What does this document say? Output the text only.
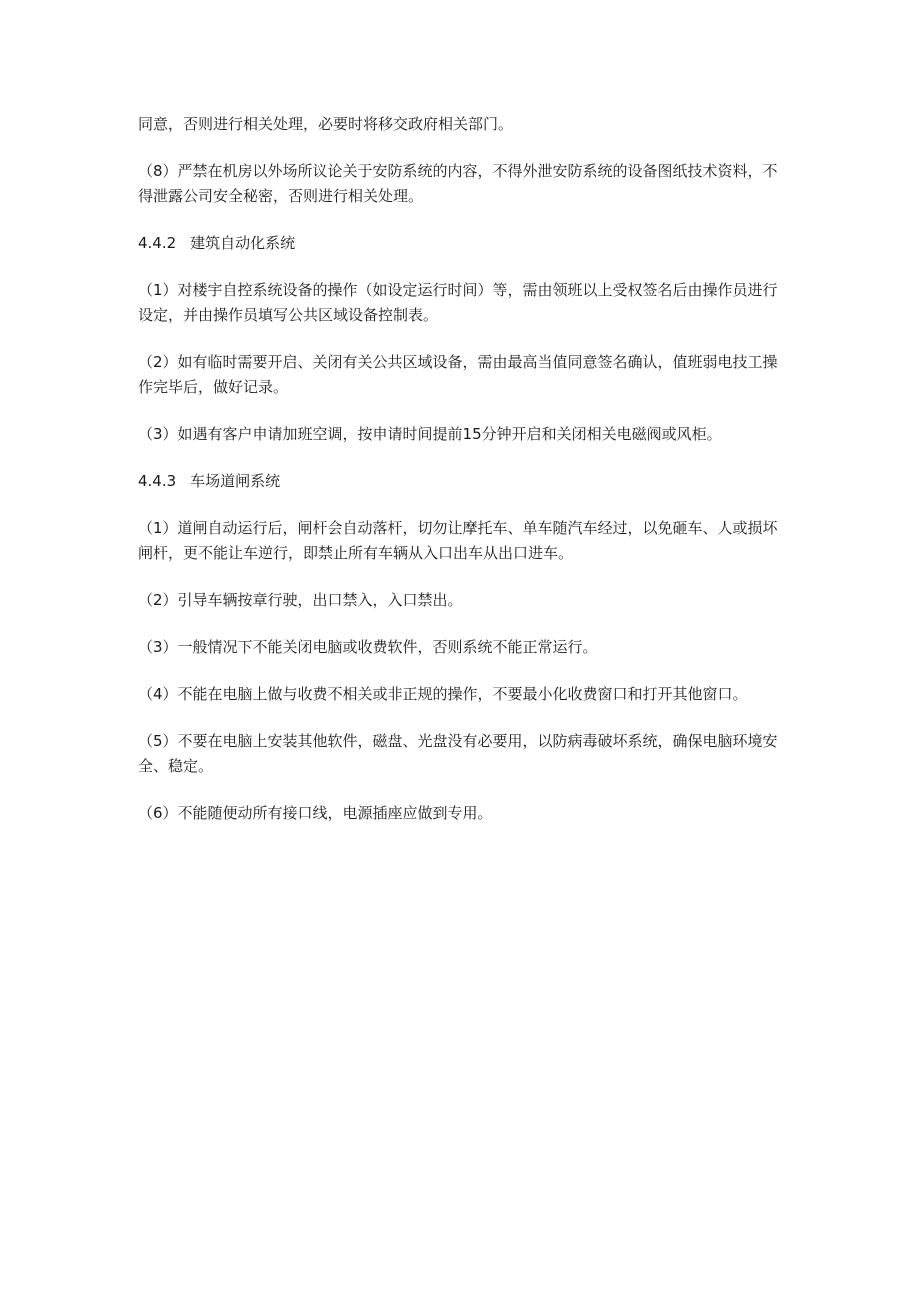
同意，否则进行相关处理，必要时将移交政府相关部门。

（8）严禁在机房以外场所议论关于安防系统的内容，不得外泄安防系统的设备图纸技术资料，不得泄露公司安全秘密，否则进行相关处理。

4.4.2 建筑自动化系统

（1）对楼宇自控系统设备的操作（如设定运行时间）等，需由领班以上受权签名后由操作员进行设定，并由操作员填写公共区域设备控制表。

（2）如有临时需要开启、关闭有关公共区域设备，需由最高当值同意签名确认，值班弱电技工操作完毕后，做好记录。

（3）如遇有客户申请加班空调，按申请时间提前15分钟开启和关闭相关电磁阀或风柜。

4.4.3 车场道闸系统

（1）道闸自动运行后，闸杆会自动落杆，切勿让摩托车、单车随汽车经过，以免砸车、人或损坏闸杆，更不能让车逆行，即禁止所有车辆从入口出车从出口进车。

（2）引导车辆按章行驶，出口禁入，入口禁出。

（3）一般情况下不能关闭电脑或收费软件，否则系统不能正常运行。

（4）不能在电脑上做与收费不相关或非正规的操作，不要最小化收费窗口和打开其他窗口。

（5）不要在电脑上安装其他软件，磁盘、光盘没有必要用，以防病毒破坏系统，确保电脑环境安全、稳定。

（6）不能随便动所有接口线，电源插座应做到专用。
